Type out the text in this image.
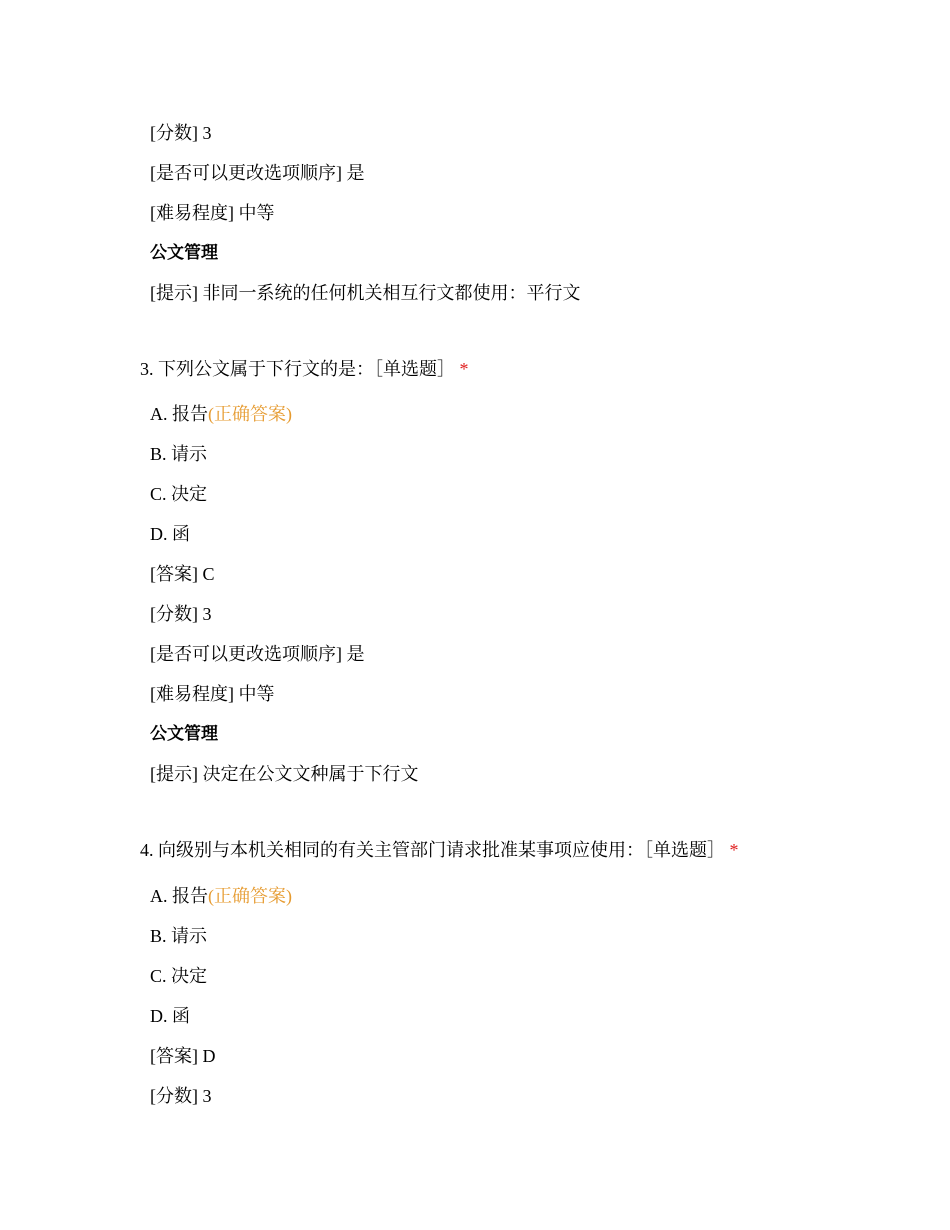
[分数] 3
[是否可以更改选项顺序] 是
[难易程度] 中等
公文管理
[提示] 非同一系统的任何机关相互行文都使用：平行文
3. 下列公文属于下行文的是：［单选题］ *
A. 报告(正确答案)
B. 请示
C. 决定
D. 函
[答案] C
[分数] 3
[是否可以更改选项顺序] 是
[难易程度] 中等
公文管理
[提示] 决定在公文文种属于下行文
4. 向级别与本机关相同的有关主管部门请求批准某事项应使用：［单选题］ *
A. 报告(正确答案)
B. 请示
C. 决定
D. 函
[答案] D
[分数] 3
